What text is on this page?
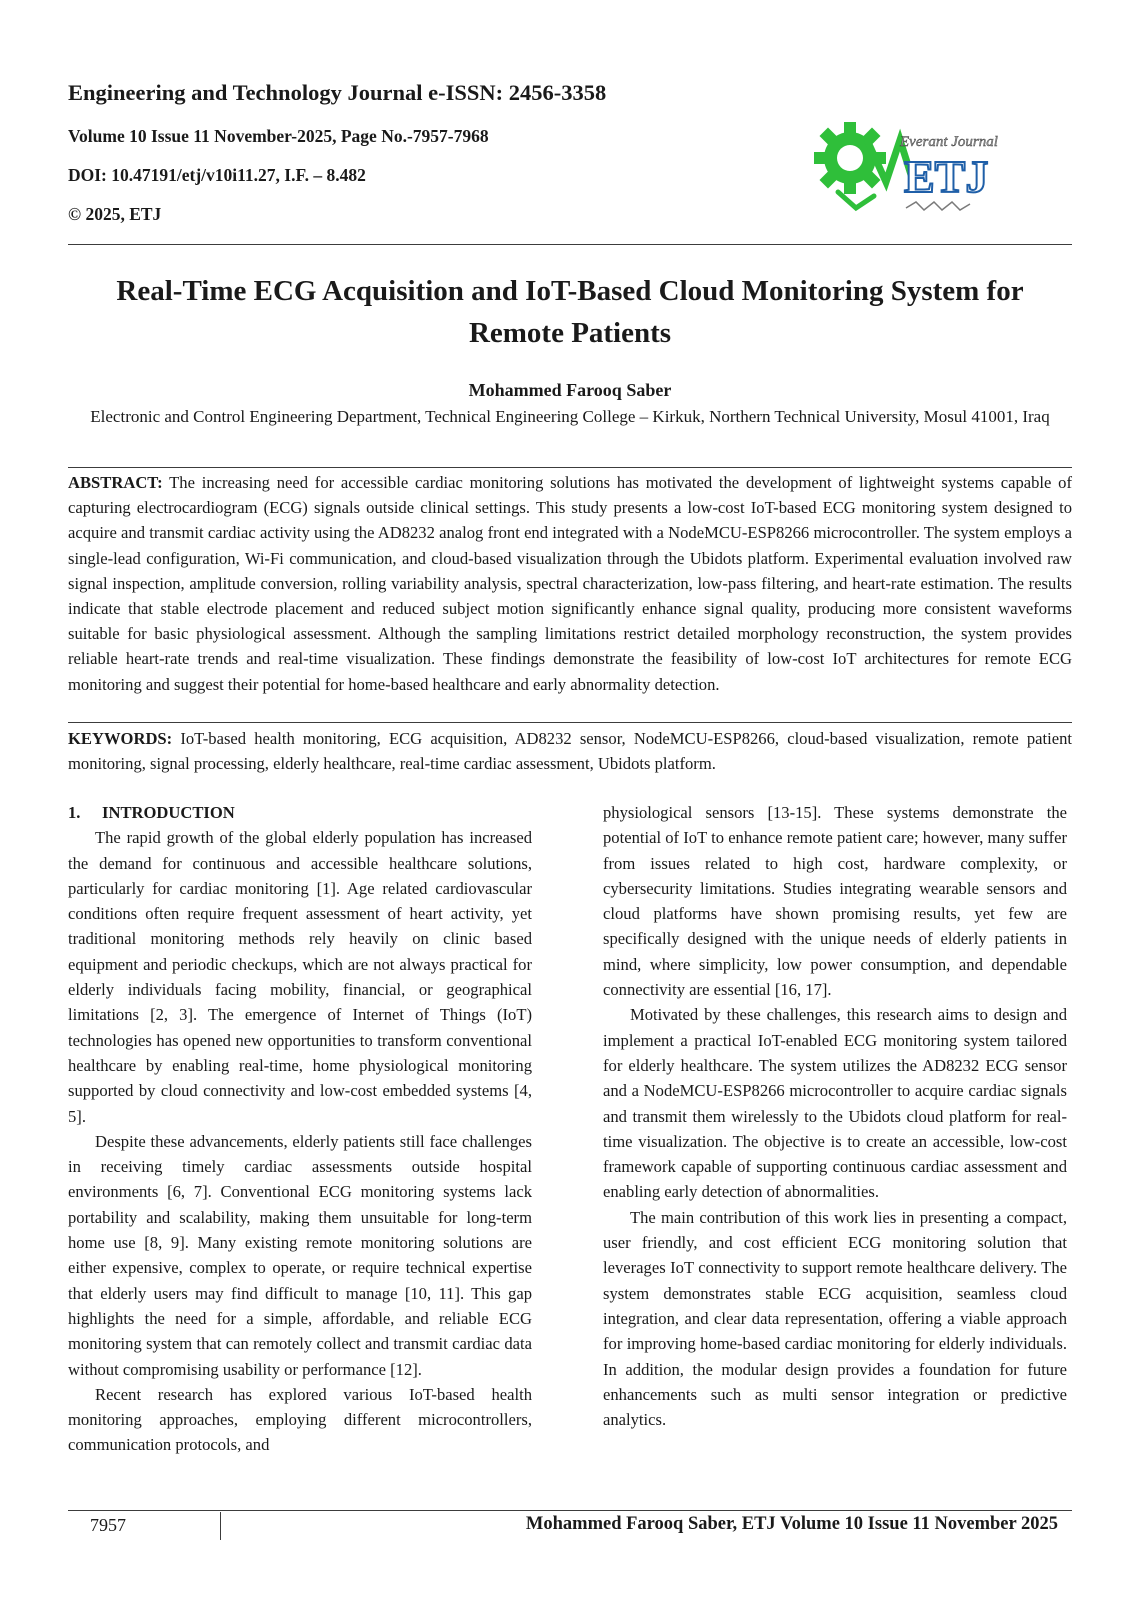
Engineering and Technology Journal e-ISSN: 2456-3358

Volume 10 Issue 11 November-2025, Page No.-7957-7968

DOI: 10.47191/etj/v10i11.27, I.F. – 8.482

© 2025, ETJ

Everant Journal
ETJ
Real-Time ECG Acquisition and IoT-Based Cloud Monitoring System for Remote Patients

Mohammed Farooq Saber

Electronic and Control Engineering Department, Technical Engineering College – Kirkuk, Northern Technical University, Mosul 41001, Iraq

ABSTRACT: The increasing need for accessible cardiac monitoring solutions has motivated the development of lightweight systems capable of capturing electrocardiogram (ECG) signals outside clinical settings. This study presents a low-cost IoT-based ECG monitoring system designed to acquire and transmit cardiac activity using the AD8232 analog front end integrated with a NodeMCU-ESP8266 microcontroller. The system employs a single-lead configuration, Wi-Fi communication, and cloud-based visualization through the Ubidots platform. Experimental evaluation involved raw signal inspection, amplitude conversion, rolling variability analysis, spectral characterization, low-pass filtering, and heart-rate estimation. The results indicate that stable electrode placement and reduced subject motion significantly enhance signal quality, producing more consistent waveforms suitable for basic physiological assessment. Although the sampling limitations restrict detailed morphology reconstruction, the system provides reliable heart-rate trends and real-time visualization. These findings demonstrate the feasibility of low-cost IoT architectures for remote ECG monitoring and suggest their potential for home-based healthcare and early abnormality detection.

KEYWORDS: IoT-based health monitoring, ECG acquisition, AD8232 sensor, NodeMCU-ESP8266, cloud-based visualization, remote patient monitoring, signal processing, elderly healthcare, real-time cardiac assessment, Ubidots platform.

1. INTRODUCTION

The rapid growth of the global elderly population has increased the demand for continuous and accessible healthcare solutions, particularly for cardiac monitoring [1]. Age related cardiovascular conditions often require frequent assessment of heart activity, yet traditional monitoring methods rely heavily on clinic based equipment and periodic checkups, which are not always practical for elderly individuals facing mobility, financial, or geographical limitations [2, 3]. The emergence of Internet of Things (IoT) technologies has opened new opportunities to transform conventional healthcare by enabling real-time, home physiological monitoring supported by cloud connectivity and low-cost embedded systems [4, 5].

Despite these advancements, elderly patients still face challenges in receiving timely cardiac assessments outside hospital environments [6, 7]. Conventional ECG monitoring systems lack portability and scalability, making them unsuitable for long-term home use [8, 9]. Many existing remote monitoring solutions are either expensive, complex to operate, or require technical expertise that elderly users may find difficult to manage [10, 11]. This gap highlights the need for a simple, affordable, and reliable ECG monitoring system that can remotely collect and transmit cardiac data without compromising usability or performance [12].

Recent research has explored various IoT-based health monitoring approaches, employing different microcontrollers, communication protocols, and

physiological sensors [13-15]. These systems demonstrate the potential of IoT to enhance remote patient care; however, many suffer from issues related to high cost, hardware complexity, or cybersecurity limitations. Studies integrating wearable sensors and cloud platforms have shown promising results, yet few are specifically designed with the unique needs of elderly patients in mind, where simplicity, low power consumption, and dependable connectivity are essential [16, 17].

Motivated by these challenges, this research aims to design and implement a practical IoT-enabled ECG monitoring system tailored for elderly healthcare. The system utilizes the AD8232 ECG sensor and a NodeMCU-ESP8266 microcontroller to acquire cardiac signals and transmit them wirelessly to the Ubidots cloud platform for real-time visualization. The objective is to create an accessible, low-cost framework capable of supporting continuous cardiac assessment and enabling early detection of abnormalities.

The main contribution of this work lies in presenting a compact, user friendly, and cost efficient ECG monitoring solution that leverages IoT connectivity to support remote healthcare delivery. The system demonstrates stable ECG acquisition, seamless cloud integration, and clear data representation, offering a viable approach for improving home-based cardiac monitoring for elderly individuals. In addition, the modular design provides a foundation for future enhancements such as multi sensor integration or predictive analytics.

7957	Mohammed Farooq Saber, ETJ Volume 10 Issue 11 November 2025
